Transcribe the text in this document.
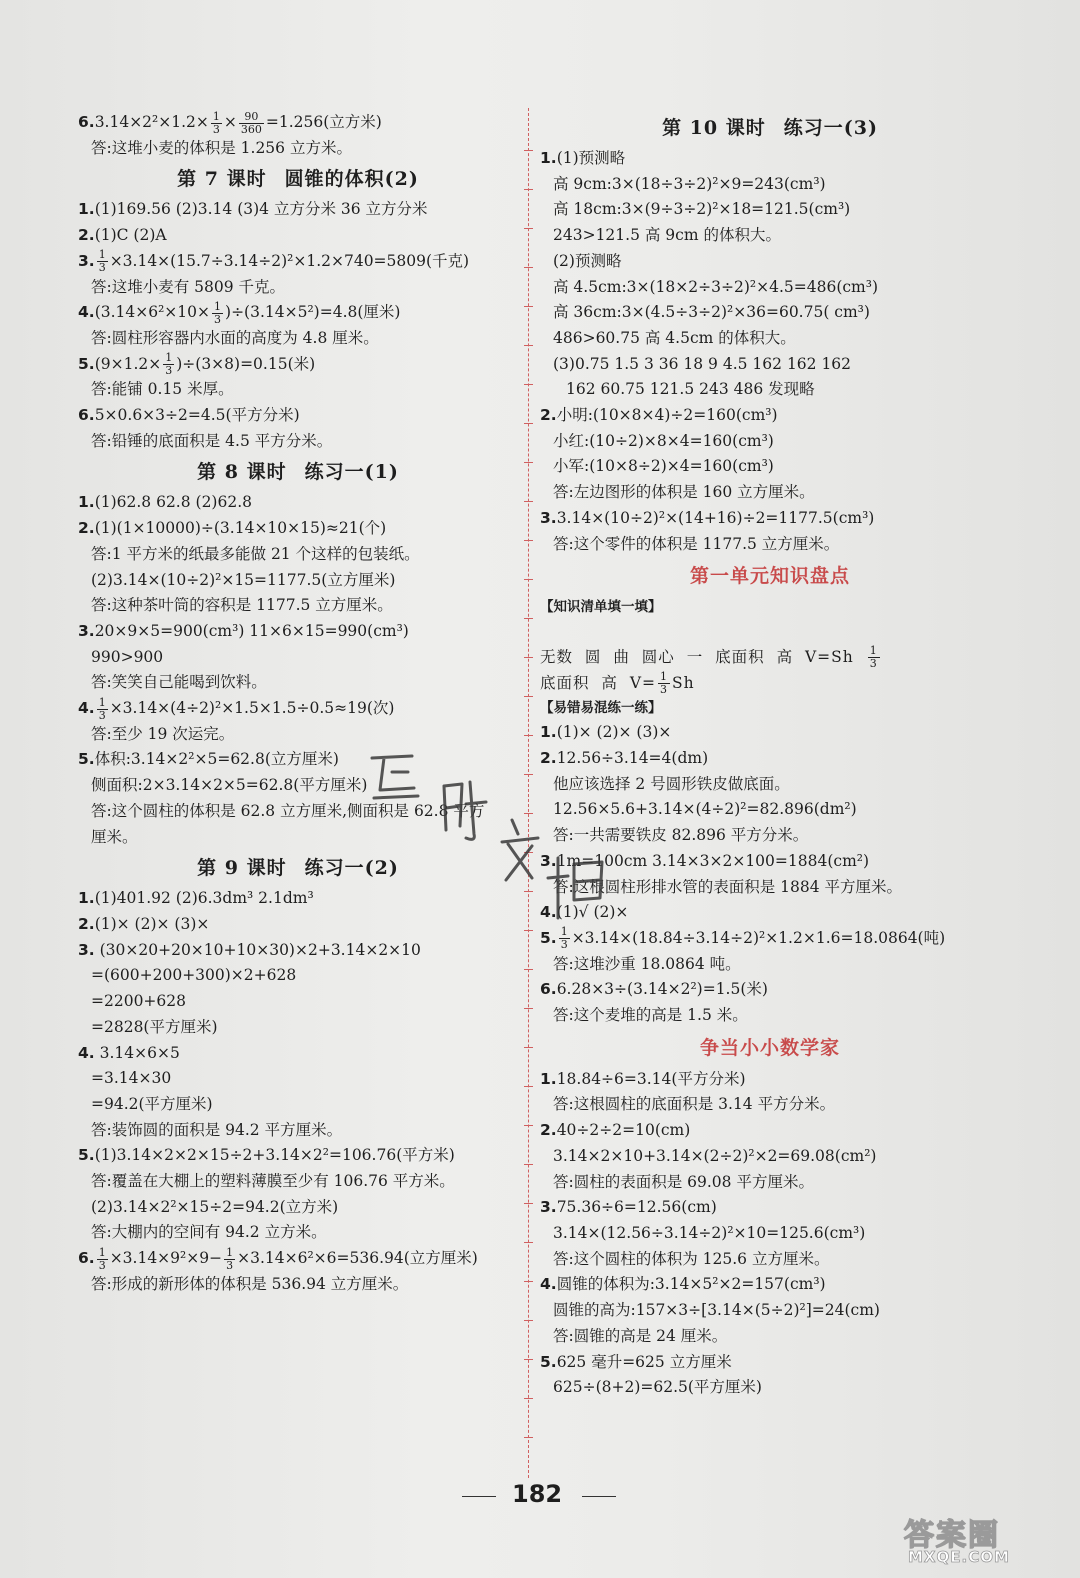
$6.3.14\times 2^2\times 1.2\times \frac{1}{3} \times \frac{90}{360} =1.256$(立方米)
答:这堆小麦的体积是 1.256 立方米。
第 7 课时 圆锥的体积(2)
1.(1)169.56 (2)3.14 (3)4 立方分米 36 立方分米
2.(1)C (2)A
3. $\frac{1}{3} \times 3.14\times(15.7\div 3.14\div 2)^2\times 1.2\times 740=5809$(千克)
答:这堆小麦有 5809 千克。
$4.(3.14\times 6^2\times 10\times \frac{1}{3} )\div(3.14\times 5^2)=4.8$(厘米)
答:圆柱形容器内水面的高度为 4.8 厘米。
$5.(9\times 1.2\times \frac{1}{3} )\div(3\times 8)=0.15$(米)
答:能铺 0.15 米厚。
6.5×0.6×3÷2=4.5(平方分米)
答:铅锤的底面积是 4.5 平方分米。
第 8 课时 练习一(1)
1.(1)62.8 62.8 (2)62.8
2.(1)(1×10000)÷(3.14×10×15)≈21(个)
答:1 平方米的纸最多能做 21 个这样的包装纸。
(2)3.14×(10÷2)²×15=1177.5(立方厘米)
答:这种茶叶筒的容积是 1177.5 立方厘米。
3.20×9×5=900(cm³) 11×6×15=990(cm³)
990>900
答:笑笑自己能喝到饮料。
4. $\frac{1}{3} \times 3.14\times(4\div 2)^2\times 1.5\times 1.5\div 0.5\approx 19$(次)
答:至少 19 次运完。
5.体积:3.14×2²×5=62.8(立方厘米)
侧面积:2×3.14×2×5=62.8(平方厘米)
答:这个圆柱的体积是 62.8 立方厘米,侧面积是 62.8 平方
厘米。
第 9 课时 练习一(2)
1.(1)401.92 (2)6.3dm³ 2.1dm³
2.(1)× (2)× (3)×
3. (30×20+20×10+10×30)×2+3.14×2×10
=(600+200+300)×2+628
=2200+628
=2828(平方厘米)
4. 3.14×6×5
=3.14×30
=94.2(平方厘米)
答:装饰圆的面积是 94.2 平方厘米。
5.(1)3.14×2×2×15÷2+3.14×2²=106.76(平方米)
答:覆盖在大棚上的塑料薄膜至少有 106.76 平方米。
(2)3.14×2²×15÷2=94.2(立方米)
答:大棚内的空间有 94.2 立方米。
6. $\frac{1}{3} \times 3.14\times 9^2\times 9- \frac{1}{3} \times 3.14\times 6^2\times 6=536.94$(立方厘米)
答:形成的新形体的体积是 536.94 立方厘米。
第 10 课时 练习一(3)
1.(1)预测略
高 9cm:3×(18÷3÷2)²×9=243(cm³)
高 18cm:3×(9÷3÷2)²×18=121.5(cm³)
243>121.5 高 9cm 的体积大。
(2)预测略
高 4.5cm:3×(18×2÷3÷2)²×4.5=486(cm³)
高 36cm:3×(4.5÷3÷2)²×36=60.75( cm³)
486>60.75 高 4.5cm 的体积大。
(3)0.75 1.5 3 36 18 9 4.5 162 162 162
162 60.75 121.5 243 486 发现略
2.小明:(10×8×4)÷2=160(cm³)
小红:(10÷2)×8×4=160(cm³)
小军:(10×8÷2)×4=160(cm³)
答:左边图形的体积是 160 立方厘米。
3.3.14×(10÷2)²×(14+16)÷2=1177.5(cm³)
答:这个零件的体积是 1177.5 立方厘米。
第一单元知识盘点
【知识清单填一填】
无数 圆 曲 圆心 一 底面积 高 $V=Sh \frac{1}{3}$
底面积 高 $V= \frac{1}{3}$ Sh
【易错易混练一练】
1.(1)× (2)× (3)×
2.12.56÷3.14=4(dm)
他应该选择 2 号圆形铁皮做底面。
12.56×5.6+3.14×(4÷2)²=82.896(dm²)
答:一共需要铁皮 82.896 平方分米。
3.1m=100cm 3.14×3×2×100=1884(cm²)
答:这根圆柱形排水管的表面积是 1884 平方厘米。
4.(1)√ (2)×
5. $\frac{1}{3} \times 3.14\times(18.84\div 3.14\div 2)^2\times 1.2\times 1.6=18.0864$(吨)
答:这堆沙重 18.0864 吨。
6.6.28×3÷(3.14×2²)=1.5(米)
答:这个麦堆的高是 1.5 米。
争当小小数学家
1.18.84÷6=3.14(平方分米)
答:这根圆柱的底面积是 3.14 平方分米。
2.40÷2÷2=10(cm)
3.14×2×10+3.14×(2÷2)²×2=69.08(cm²)
答:圆柱的表面积是 69.08 平方厘米。
3.75.36÷6=12.56(cm)
3.14×(12.56÷3.14÷2)²×10=125.6(cm³)
答:这个圆柱的体积为 125.6 立方厘米。
4.圆锥的体积为:3.14×5²×2=157(cm³)
圆锥的高为:157×3÷[3.14×(5÷2)²]=24(cm)
答:圆锥的高是 24 厘米。
5.625 毫升=625 立方厘米
625÷(8+2)=62.5(平方厘米)
互助文档
182
答案圈
MXQE.COM
